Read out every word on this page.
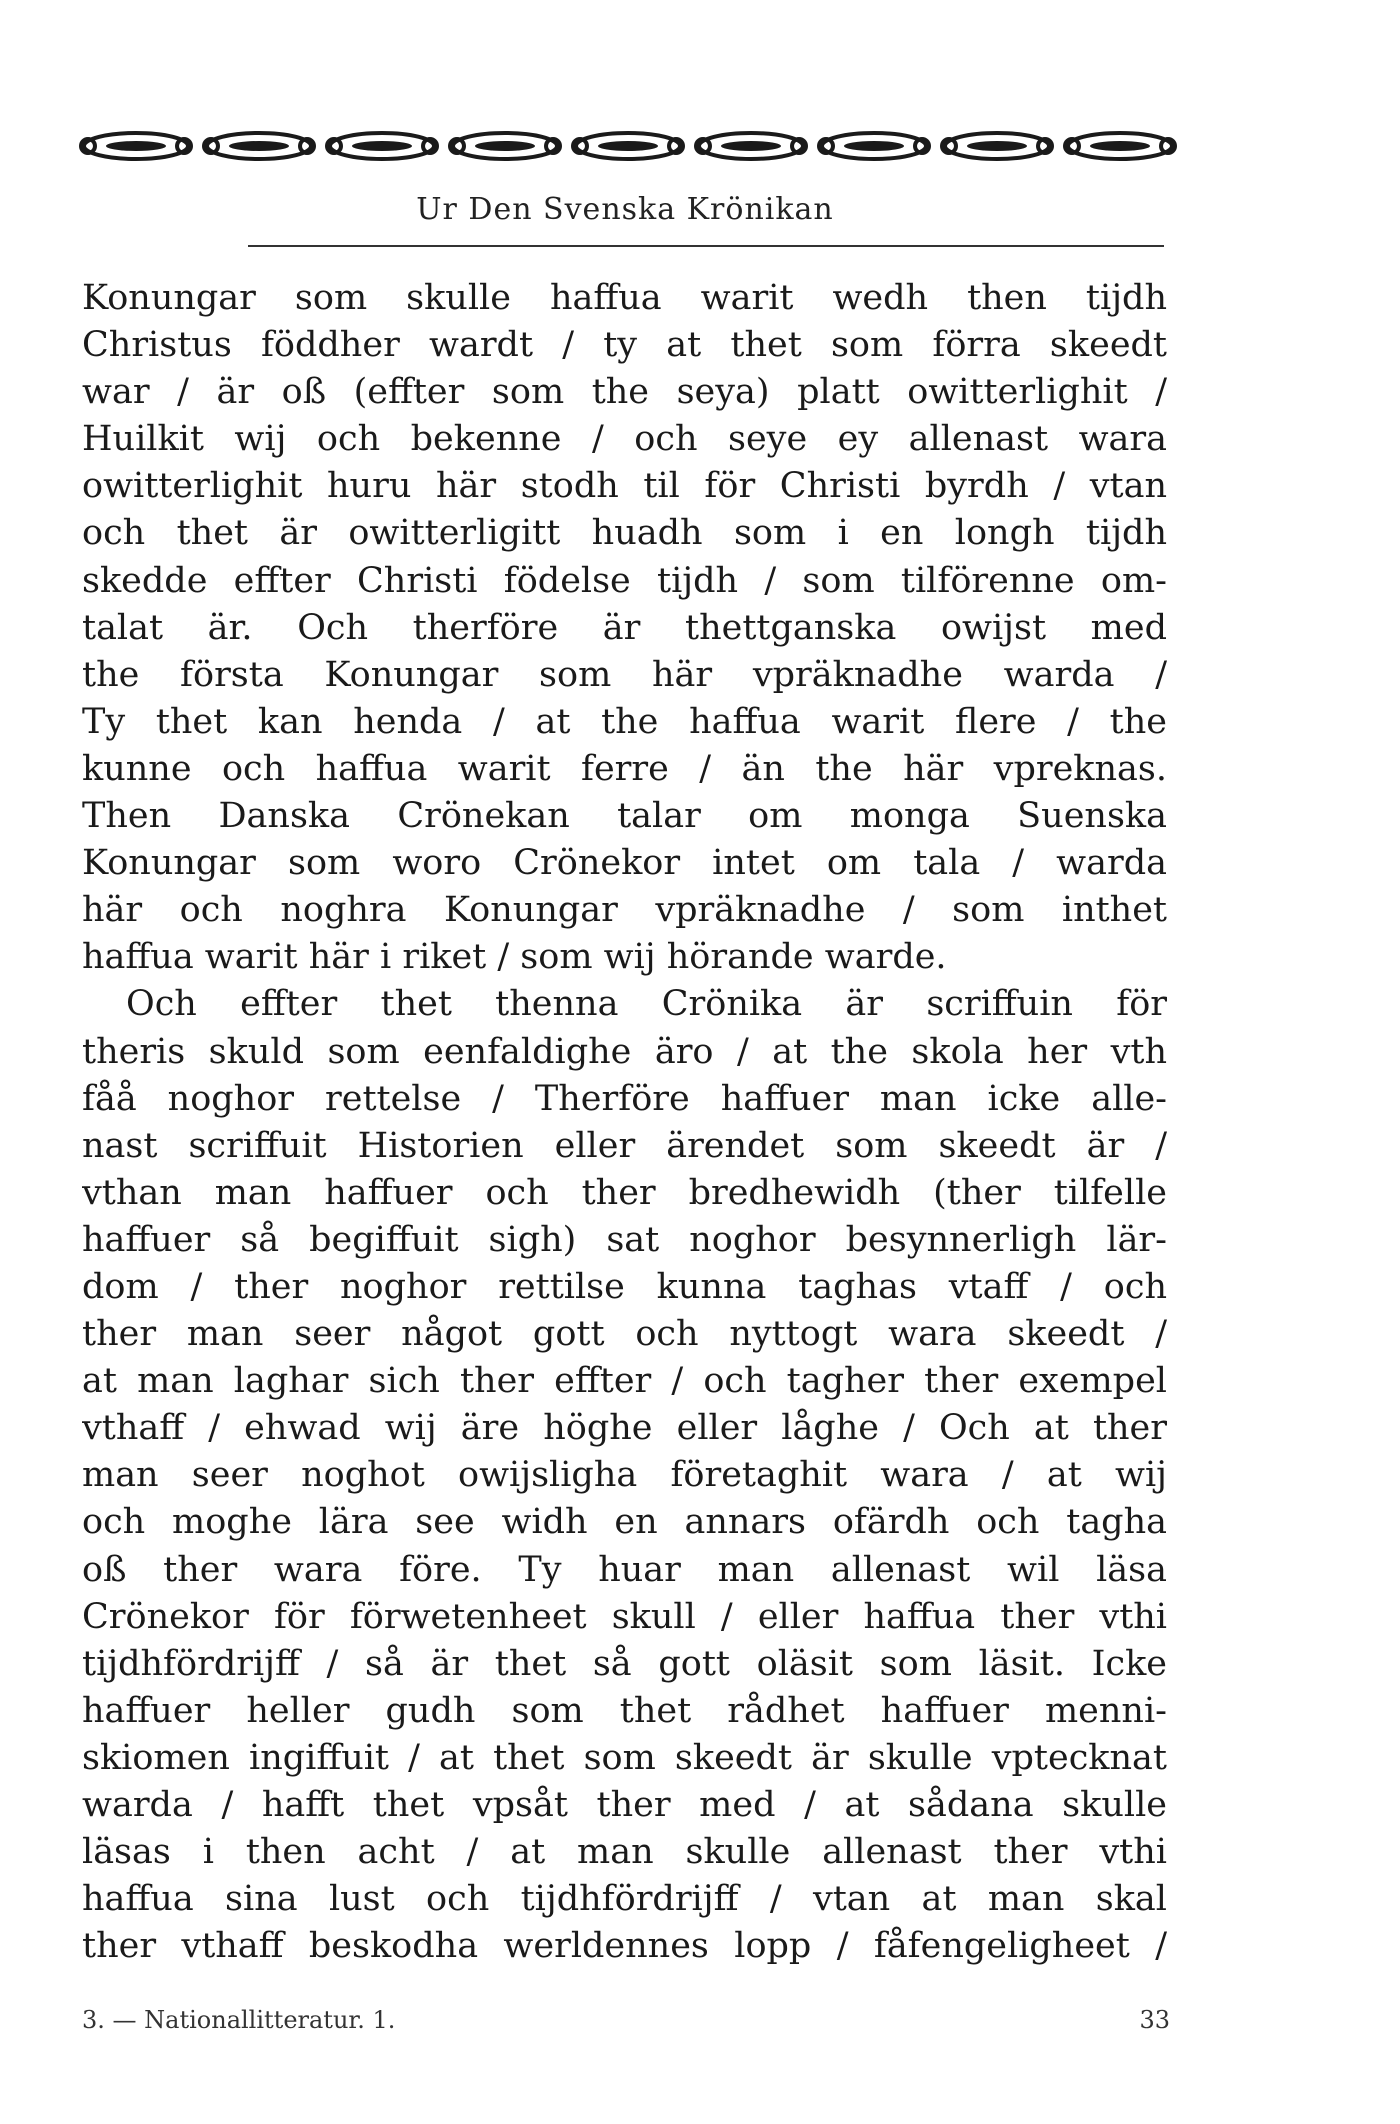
Ur Den Svenska Krönikan
Konungar som skulle haffua warit wedh then tijdh
Christus föddher wardt / ty at thet som förra skeedt
war / är oß (effter som the seya) platt owitterlighit /
Huilkit wij och bekenne / och seye ey allenast wara
owitterlighit huru här stodh til för Christi byrdh / vtan
och thet är owitterligitt huadh som i en longh tijdh
skedde effter Christi födelse tijdh / som tilförenne om-
talat är. Och therföre är thettganska owijst med
the första Konungar som här vpräknadhe warda /
Ty thet kan henda / at the haffua warit flere / the
kunne och haffua warit ferre / än the här vpreknas.
Then Danska Crönekan talar om monga Suenska
Konungar som woro Crönekor intet om tala / warda
här och noghra Konungar vpräknadhe / som inthet
haffua warit här i riket / som wij hörande warde.
Och effter thet thenna Crönika är scriffuin för
theris skuld som eenfaldighe äro / at the skola her vth
fåå noghor rettelse / Therföre haffuer man icke alle-
nast scriffuit Historien eller ärendet som skeedt är /
vthan man haffuer och ther bredhewidh (ther tilfelle
haffuer så begiffuit sigh) sat noghor besynnerligh lär-
dom / ther noghor rettilse kunna taghas vtaff / och
ther man seer något gott och nyttogt wara skeedt /
at man laghar sich ther effter / och tagher ther exempel
vthaff / ehwad wij äre höghe eller låghe / Och at ther
man seer noghot owijsligha företaghit wara / at wij
och moghe lära see widh en annars ofärdh och tagha
oß ther wara före. Ty huar man allenast wil läsa
Crönekor för förwetenheet skull / eller haffua ther vthi
tijdhfördrijff / så är thet så gott oläsit som läsit. Icke
haffuer heller gudh som thet rådhet haffuer menni-
skiomen ingiffuit / at thet som skeedt är skulle vptecknat
warda / hafft thet vpsåt ther med / at sådana skulle
läsas i then acht / at man skulle allenast ther vthi
haffua sina lust och tijdhfördrijff / vtan at man skal
ther vthaff beskodha werldennes lopp / fåfengeligheet /
3. — Nationallitteratur. 1.	33
